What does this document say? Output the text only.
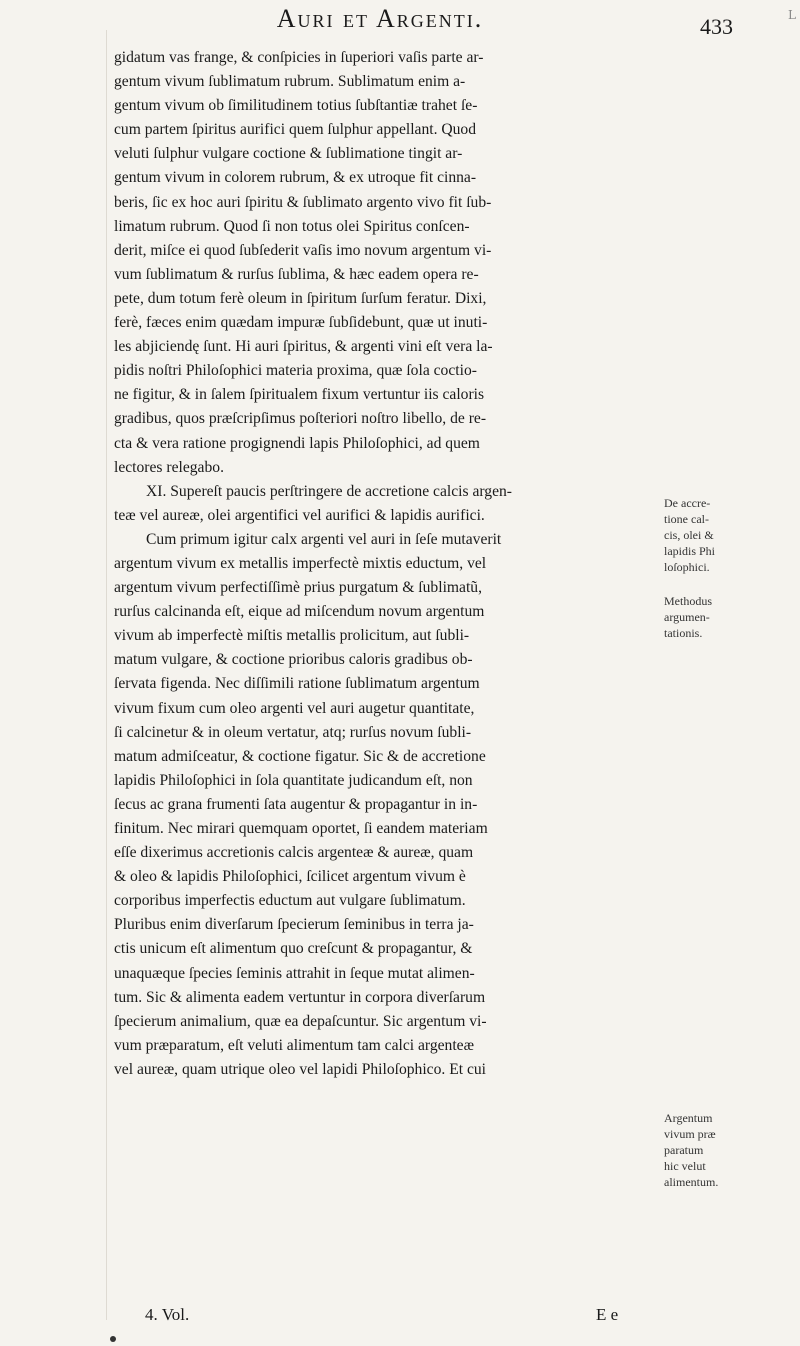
Auri et Argenti.	433	L
gidatum vas frange, & conſpicies in ſuperiori vaſis parte ar-
gentum vivum ſublimatum rubrum. Sublimatum enim a-
gentum vivum ob ſimilitudinem totius ſubſtantiæ trahet ſe-
cum partem ſpiritus aurifici quem ſulphur appellant. Quod
veluti ſulphur vulgare coctione & ſublimatione tingit ar-
gentum vivum in colorem rubrum, & ex utroque fit cinna-
beris, ſic ex hoc auri ſpiritu & ſublimato argento vivo fit ſub-
limatum rubrum. Quod ſi non totus olei Spiritus conſcen-
derit, miſce ei quod ſubſederit vaſis imo novum argentum vi-
vum ſublimatum & rurſus ſublima, & hæc eadem opera re-
pete, dum totum ferè oleum in ſpiritum ſurſum feratur. Dixi,
ferè, fæces enim quædam impuræ ſubſidebunt, quæ ut inuti-
les abjiciendę ſunt. Hi auri ſpiritus, & argenti vini eſt vera la-
pidis noſtri Philoſophici materia proxima, quæ ſola coctio-
ne figitur, & in ſalem ſpiritualem fixum vertuntur iis caloris
gradibus, quos præſcripſimus poſteriori noſtro libello, de re-
cta & vera ratione progignendi lapis Philoſophici, ad quem
lectores relegabo.
XI. Supereſt paucis perſtringere de accretione calcis argen-
teæ vel aureæ, olei argentifici vel aurifici & lapidis aurifici.
Cum primum igitur calx argenti vel auri in ſeſe mutaverit
argentum vivum ex metallis imperfectè mixtis eductum, vel
argentum vivum perfectiſſimè prius purgatum & ſublimatũ,
rurſus calcinanda eſt, eique ad miſcendum novum argentum
vivum ab imperfectè miſtis metallis prolicitum, aut ſubli-
matum vulgare, & coctione prioribus caloris gradibus ob-
ſervata figenda. Nec diſſimili ratione ſublimatum argentum
vivum fixum cum oleo argenti vel auri augetur quantitate,
ſi calcinetur & in oleum vertatur, atq; rurſus novum ſubli-
matum admiſceatur, & coctione figatur. Sic & de accretione
lapidis Philoſophici in ſola quantitate judicandum eſt, non
ſecus ac grana frumenti ſata augentur & propagantur in in-
finitum. Nec mirari quemquam oportet, ſi eandem materiam
eſſe dixerimus accretionis calcis argenteæ & aureæ, quam
& oleo & lapidis Philoſophici, ſcilicet argentum vivum è
corporibus imperfectis eductum aut vulgare ſublimatum.
Pluribus enim diverſarum ſpecierum ſeminibus in terra ja-
ctis unicum eſt alimentum quo creſcunt & propagantur, &
unaquæque ſpecies ſeminis attrahit in ſeque mutat alimen-
tum. Sic & alimenta eadem vertuntur in corpora diverſarum
ſpecierum animalium, quæ ea depaſcuntur. Sic argentum vi-
vum præparatum, eſt veluti alimentum tam calci argenteæ
vel aureæ, quam utrique oleo vel lapidi Philoſophico. Et cui
De accre-
tione cal-
cis, olei &
lapidis Phi
loſophici.
Methodus
argumen-
tationis.
Argentum
vivum præ
paratum
hic velut
alimentum.
4. Vol.	E e
